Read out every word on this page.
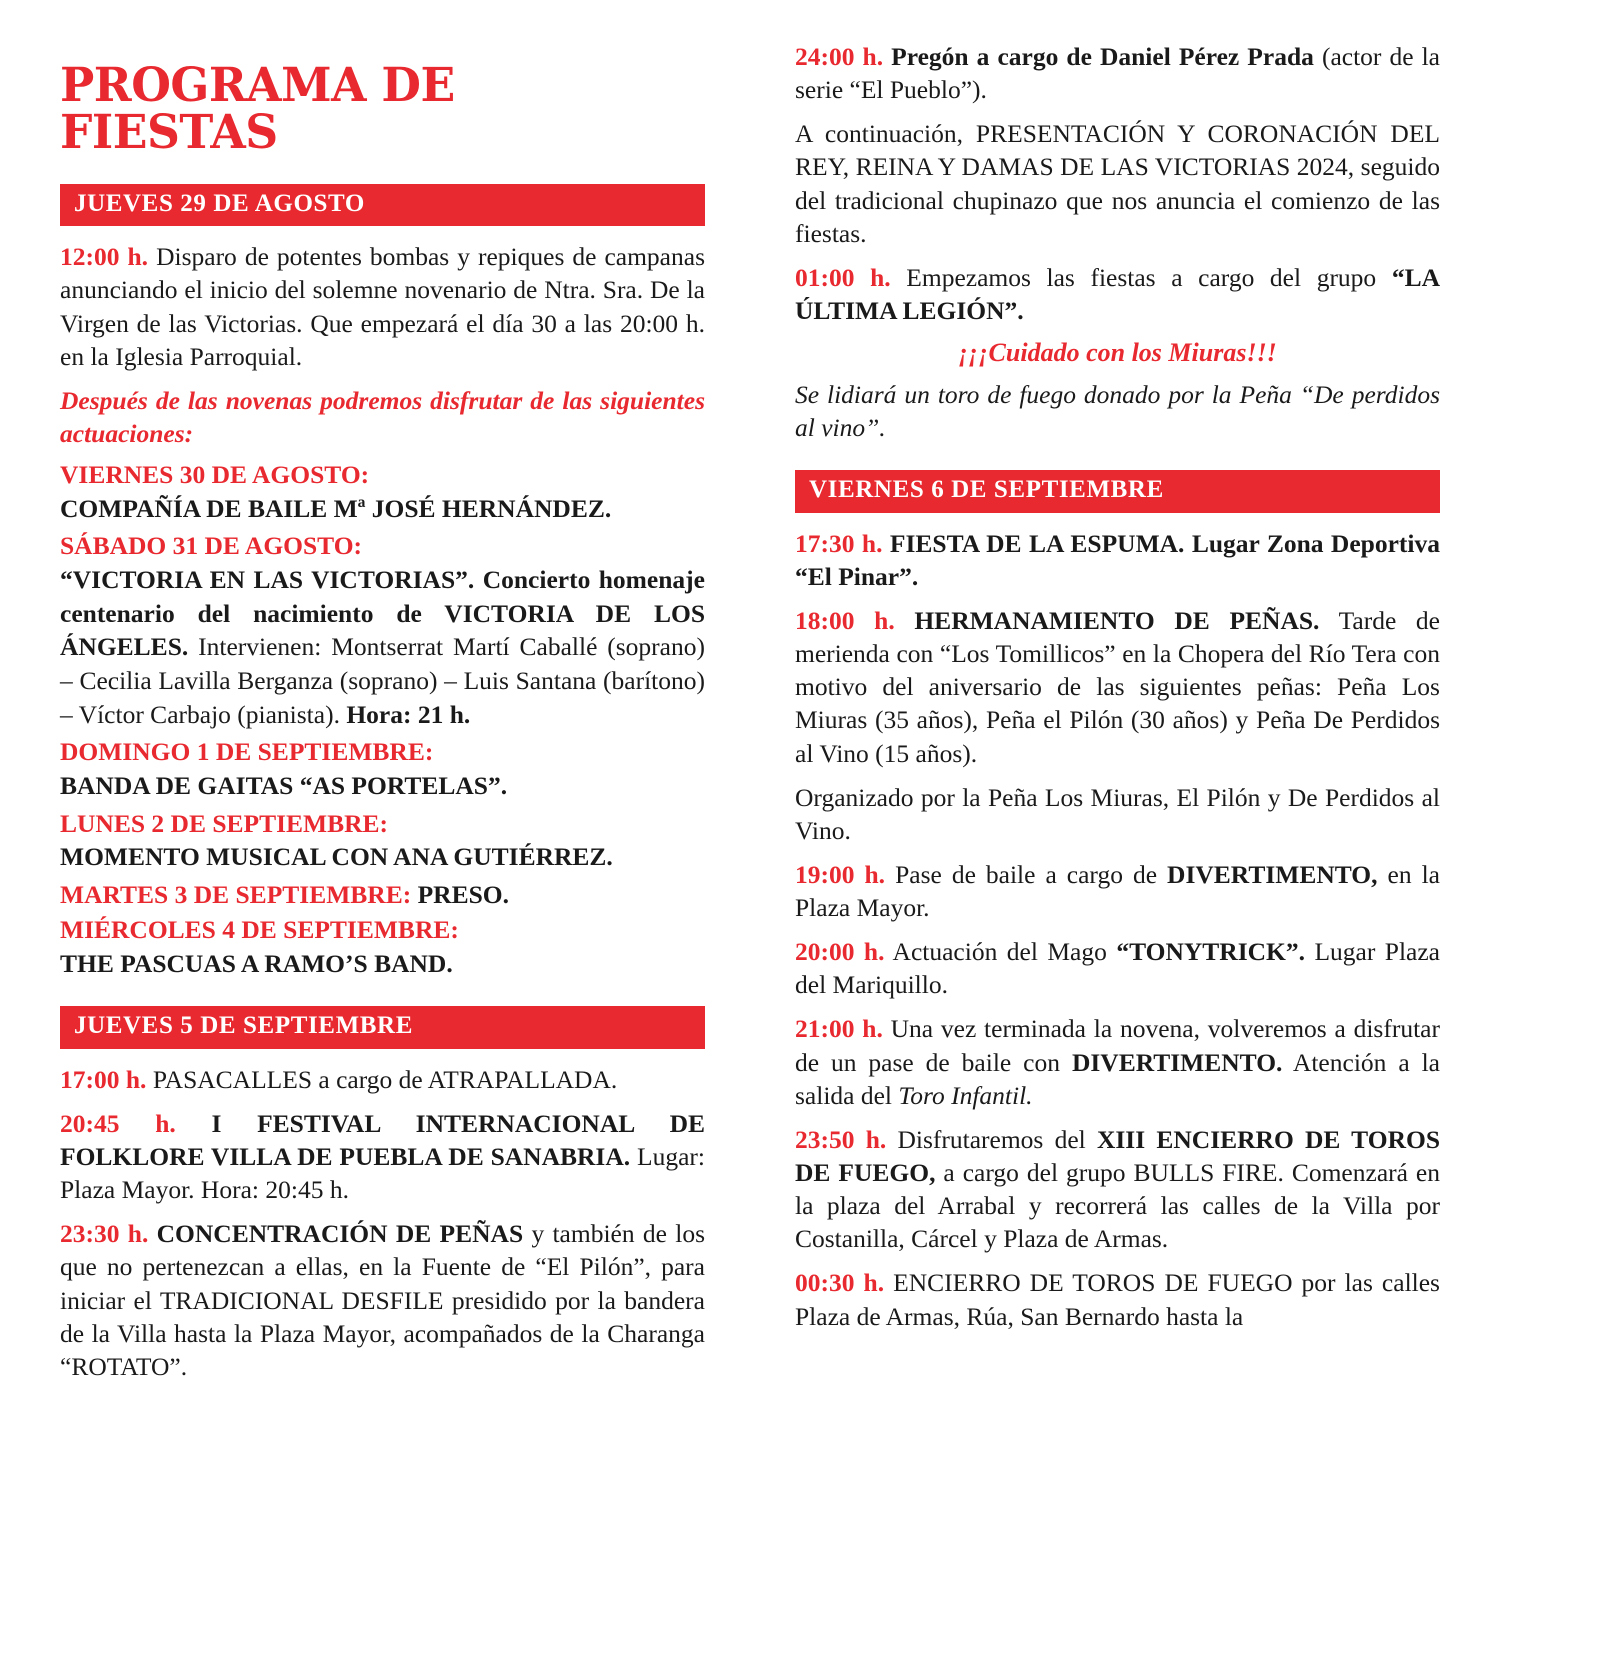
PROGRAMA DE FIESTAS
JUEVES 29 DE AGOSTO

12:00 h. Disparo de potentes bombas y repiques de campanas anunciando el inicio del solemne novenario de Ntra. Sra. De la Virgen de las Victorias. Que empezará el día 30 a las 20:00 h. en la Iglesia Parroquial.

Después de las novenas podremos disfrutar de las siguientes actuaciones:

VIERNES 30 DE AGOSTO:

COMPAÑÍA DE BAILE Mª JOSÉ HERNÁNDEZ.

SÁBADO 31 DE AGOSTO:

“VICTORIA EN LAS VICTORIAS”. Concierto homenaje centenario del nacimiento de VICTORIA DE LOS ÁNGELES. Intervienen: Montserrat Martí Caballé (soprano) – Cecilia Lavilla Berganza (soprano) – Luis Santana (barítono) – Víctor Carbajo (pianista). Hora: 21 h.

DOMINGO 1 DE SEPTIEMBRE:

BANDA DE GAITAS “AS PORTELAS”.

LUNES 2 DE SEPTIEMBRE:

MOMENTO MUSICAL CON ANA GUTIÉRREZ.

MARTES 3 DE SEPTIEMBRE: PRESO.

MIÉRCOLES 4 DE SEPTIEMBRE:

THE PASCUAS A RAMO’S BAND.

JUEVES 5 DE SEPTIEMBRE

17:00 h. PASACALLES a cargo de ATRAPALLADA.

20:45 h. I FESTIVAL INTERNACIONAL DE FOLKLORE VILLA DE PUEBLA DE SANABRIA. Lugar: Plaza Mayor. Hora: 20:45 h.

23:30 h. CONCENTRACIÓN DE PEÑAS y también de los que no pertenezcan a ellas, en la Fuente de “El Pilón”, para iniciar el TRADICIONAL DESFILE presidido por la bandera de la Villa hasta la Plaza Mayor, acompañados de la Charanga “ROTATO”.

24:00 h. Pregón a cargo de Daniel Pérez Prada (actor de la serie “El Pueblo”).

A continuación, PRESENTACIÓN Y CORONACIÓN DEL REY, REINA Y DAMAS DE LAS VICTORIAS 2024, seguido del tradicional chupinazo que nos anuncia el comienzo de las fiestas.

01:00 h. Empezamos las fiestas a cargo del grupo “LA ÚLTIMA LEGIÓN”.

¡¡¡Cuidado con los Miuras!!!

Se lidiará un toro de fuego donado por la Peña “De perdidos al vino”.

VIERNES 6 DE SEPTIEMBRE

17:30 h. FIESTA DE LA ESPUMA. Lugar Zona Deportiva “El Pinar”.

18:00 h. HERMANAMIENTO DE PEÑAS. Tarde de merienda con “Los Tomillicos” en la Chopera del Río Tera con motivo del aniversario de las siguientes peñas: Peña Los Miuras (35 años), Peña el Pilón (30 años) y Peña De Perdidos al Vino (15 años).

Organizado por la Peña Los Miuras, El Pilón y De Perdidos al Vino.

19:00 h. Pase de baile a cargo de DIVERTIMENTO, en la Plaza Mayor.

20:00 h. Actuación del Mago “TONYTRICK”. Lugar Plaza del Mariquillo.

21:00 h. Una vez terminada la novena, volveremos a disfrutar de un pase de baile con DIVERTIMENTO. Atención a la salida del Toro Infantil.

23:50 h. Disfrutaremos del XIII ENCIERRO DE TOROS DE FUEGO, a cargo del grupo BULLS FIRE. Comenzará en la plaza del Arrabal y recorrerá las calles de la Villa por Costanilla, Cárcel y Plaza de Armas.

00:30 h. ENCIERRO DE TOROS DE FUEGO por las calles Plaza de Armas, Rúa, San Bernardo hasta la
